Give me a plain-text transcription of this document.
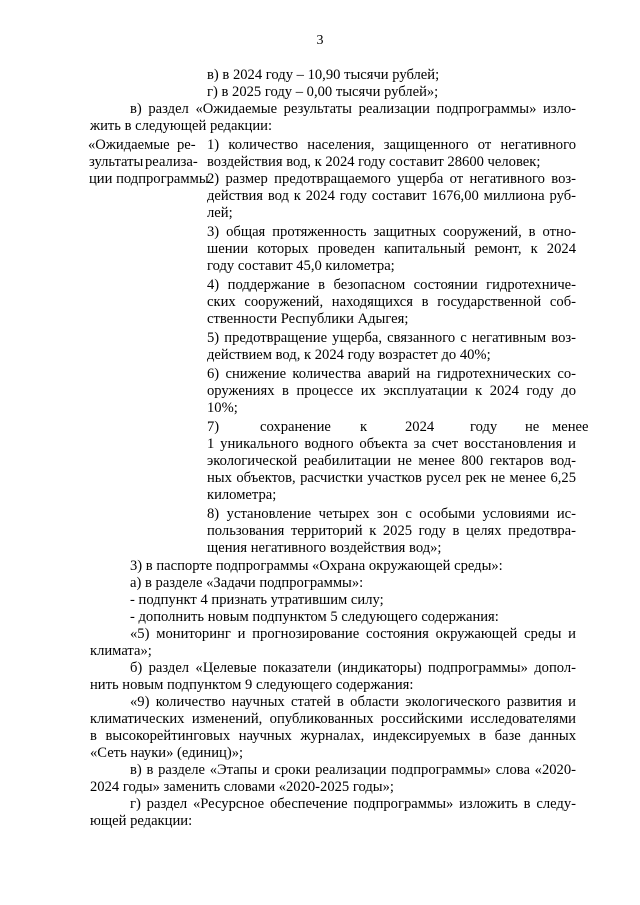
3
в) в 2024 году – 10,90 тысячи рублей;
г) в 2025 году – 0,00 тысячи рублей»;
в) раздел «Ожидаемые результаты реализации подпрограммы» изло-
жить в следующей редакции:
«Ожидаемые ре-
зультаты реализа-
ции подпрограммы
1) количество населения, защищенного от негативного
воздействия вод, к 2024 году составит 28600 человек;
2) размер предотвращаемого ущерба от негативного воз-
действия вод к 2024 году составит 1676,00 миллиона руб-
лей;
3) общая протяженность защитных сооружений, в отно-
шении которых проведен капитальный ремонт, к 2024
году составит 45,0 километра;
4) поддержание в безопасном состоянии гидротехниче-
ских сооружений, находящихся в государственной соб-
ственности Республики Адыгея;
5) предотвращение ущерба, связанного с негативным воз-
действием вод, к 2024 году возрастет до 40%;
6) снижение количества аварий на гидротехнических со-
оружениях в процессе их эксплуатации к 2024 году до
10%;
7)	сохранение к	2024 году не менее
1 уникального водного объекта за счет восстановления и
экологической реабилитации не менее 800 гектаров вод-
ных объектов, расчистки участков русел рек не менее 6,25
километра;
8) установление четырех зон с особыми условиями ис-
пользования территорий к 2025 году в целях предотвра-
щения негативного воздействия вод»;
3) в паспорте подпрограммы «Охрана окружающей среды»:
а) в разделе «Задачи подпрограммы»:
- подпункт 4 признать утратившим силу;
- дополнить новым подпунктом 5 следующего содержания:
«5) мониторинг и прогнозирование состояния окружающей среды и
климата»;
б) раздел «Целевые показатели (индикаторы) подпрограммы» допол-
нить новым подпунктом 9 следующего содержания:
«9) количество научных статей в области экологического развития и
климатических изменений, опубликованных российскими исследователями
в высокорейтинговых научных журналах, индексируемых в базе данных
«Сеть науки» (единиц)»;
в) в разделе «Этапы и сроки реализации подпрограммы» слова «2020-
2024 годы» заменить словами «2020-2025 годы»;
г) раздел «Ресурсное обеспечение подпрограммы» изложить в следу-
ющей редакции:
